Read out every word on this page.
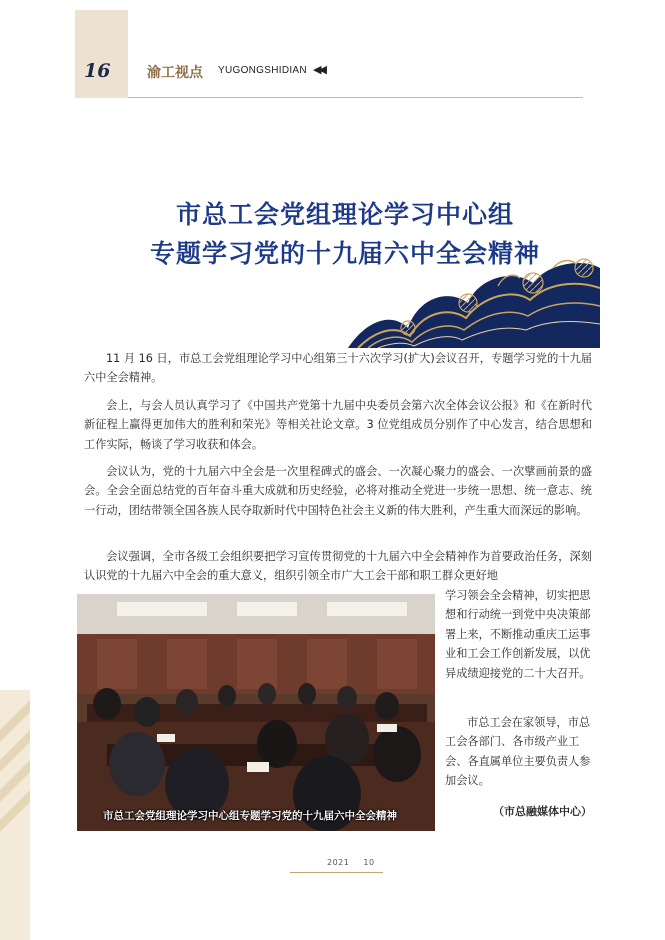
16	渝工视点 YUGONGSHIDIAN ◀◀
市总工会党组理论学习中心组
专题学习党的十九届六中全会精神

11 月 16 日，市总工会党组理论学习中心组第三十六次学习(扩大)会议召开，专题学习党的十九届六中全会精神。

会上，与会人员认真学习了《中国共产党第十九届中央委员会第六次全体会议公报》和《在新时代新征程上赢得更加伟大的胜利和荣光》等相关社论文章。3 位党组成员分别作了中心发言，结合思想和工作实际，畅谈了学习收获和体会。

会议认为，党的十九届六中全会是一次里程碑式的盛会、一次凝心聚力的盛会、一次擘画前景的盛会。全会全面总结党的百年奋斗重大成就和历史经验，必将对推动全党进一步统一思想、统一意志、统一行动，团结带领全国各族人民夺取新时代中国特色社会主义新的伟大胜利，产生重大而深远的影响。

会议强调，全市各级工会组织要把学习宣传贯彻党的十九届六中全会精神作为首要政治任务，深刻认识党的十九届六中全会的重大意义，组织引领全市广大工会干部和职工群众更好地

市总工会党组理论学习中心组专题学习党的十九届六中全会精神

学习领会全会精神，切实把思想和行动统一到党中央决策部署上来，不断推动重庆工运事业和工会工作创新发展，以优异成绩迎接党的二十大召开。

市总工会在家领导，市总工会各部门、各市级产业工会、各直属单位主要负责人参加会议。

（市总融媒体中心）
2021 10
